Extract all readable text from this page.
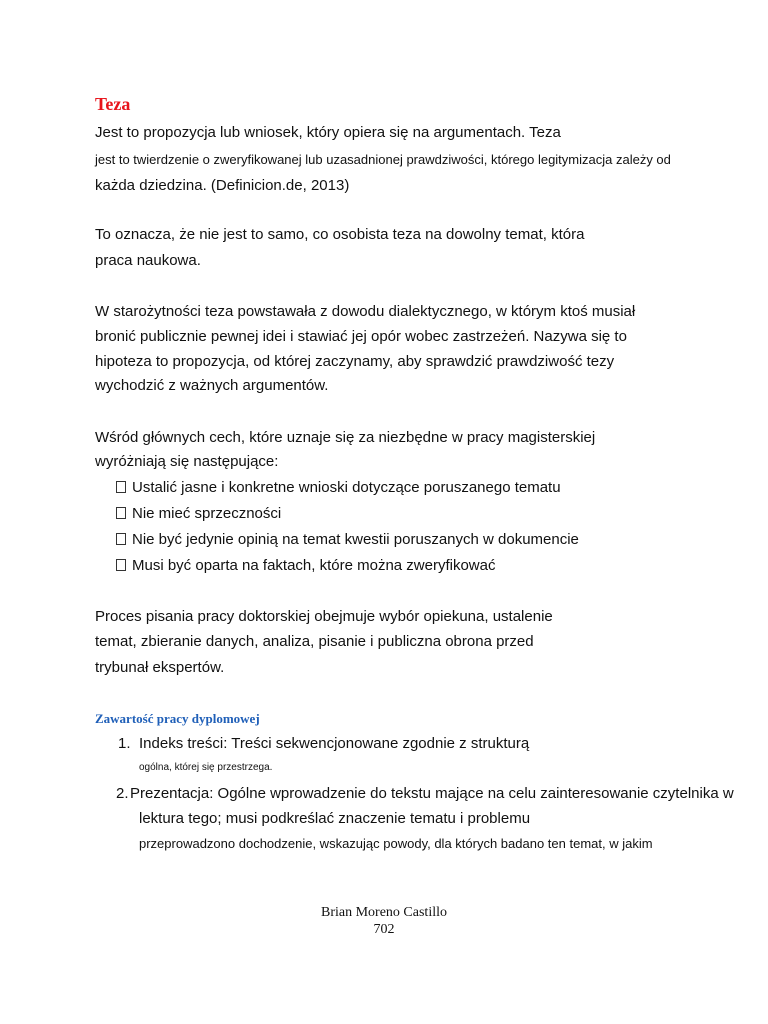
Teza
Jest to propozycja lub wniosek, który opiera się na argumentach. Teza
jest to twierdzenie o zweryfikowanej lub uzasadnionej prawdziwości, którego legitymizacja zależy od
każda dziedzina. (Definicion.de, 2013)
To oznacza, że nie jest to samo, co osobista teza na dowolny temat, która
praca naukowa.
W starożytności teza powstawała z dowodu dialektycznego, w którym ktoś musiał
bronić publicznie pewnej idei i stawiać jej opór wobec zastrzeżeń. Nazywa się to
hipoteza to propozycja, od której zaczynamy, aby sprawdzić prawdziwość tezy
wychodzić z ważnych argumentów.
Wśród głównych cech, które uznaje się za niezbędne w pracy magisterskiej
wyróżniają się następujące:
Ustalić jasne i konkretne wnioski dotyczące poruszanego tematu
Nie mieć sprzeczności
Nie być jedynie opinią na temat kwestii poruszanych w dokumencie
Musi być oparta na faktach, które można zweryfikować
Proces pisania pracy doktorskiej obejmuje wybór opiekuna, ustalenie
temat, zbieranie danych, analiza, pisanie i publiczna obrona przed
trybunał ekspertów.
Zawartość pracy dyplomowej
1. Indeks treści: Treści sekwencjonowane zgodnie z strukturą
ogólna, której się przestrzega.
2. Prezentacja: Ogólne wprowadzenie do tekstu mające na celu zainteresowanie czytelnika w
lektura tego; musi podkreślać znaczenie tematu i problemu
przeprowadzono dochodzenie, wskazując powody, dla których badano ten temat, w jakim
Brian Moreno Castillo
702
